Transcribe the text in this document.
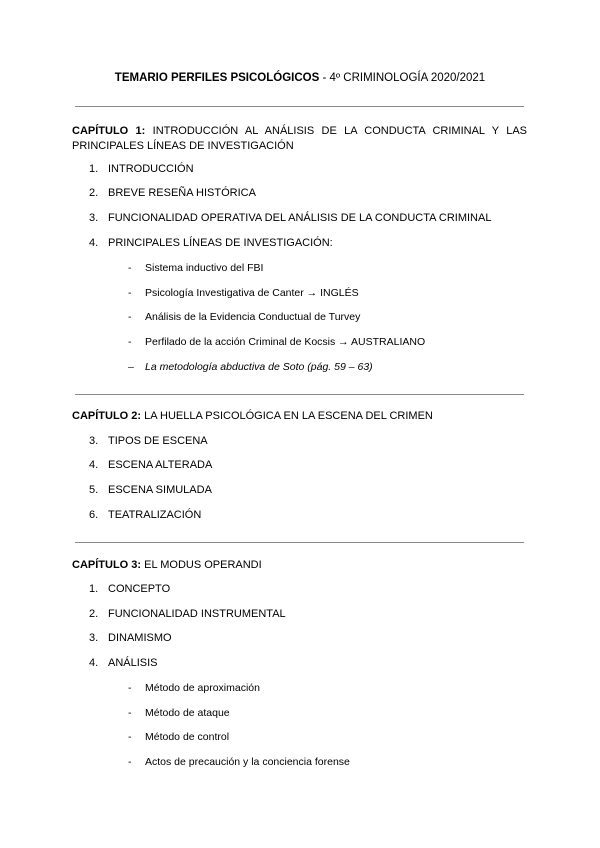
TEMARIO PERFILES PSICOLÓGICOS - 4º CRIMINOLOGÍA 2020/2021
CAPÍTULO 1: INTRODUCCIÓN AL ANÁLISIS DE LA CONDUCTA CRIMINAL Y LAS PRINCIPALES LÍNEAS DE INVESTIGACIÓN
1. INTRODUCCIÓN
2. BREVE RESEÑA HISTÓRICA
3. FUNCIONALIDAD OPERATIVA DEL ANÁLISIS DE LA CONDUCTA CRIMINAL
4. PRINCIPALES LÍNEAS DE INVESTIGACIÓN:
- Sistema inductivo del FBI
- Psicología Investigativa de Canter → INGLÉS
- Análisis de la Evidencia Conductual de Turvey
- Perfilado de la acción Criminal de Kocsis → AUSTRALIANO
– La metodología abductiva de Soto (pág. 59 – 63)
CAPÍTULO 2: LA HUELLA PSICOLÓGICA EN LA ESCENA DEL CRIMEN
3. TIPOS DE ESCENA
4. ESCENA ALTERADA
5. ESCENA SIMULADA
6. TEATRALIZACIÓN
CAPÍTULO 3: EL MODUS OPERANDI
1. CONCEPTO
2. FUNCIONALIDAD INSTRUMENTAL
3. DINAMISMO
4. ANÁLISIS
- Método de aproximación
- Método de ataque
- Método de control
- Actos de precaución y la conciencia forense
